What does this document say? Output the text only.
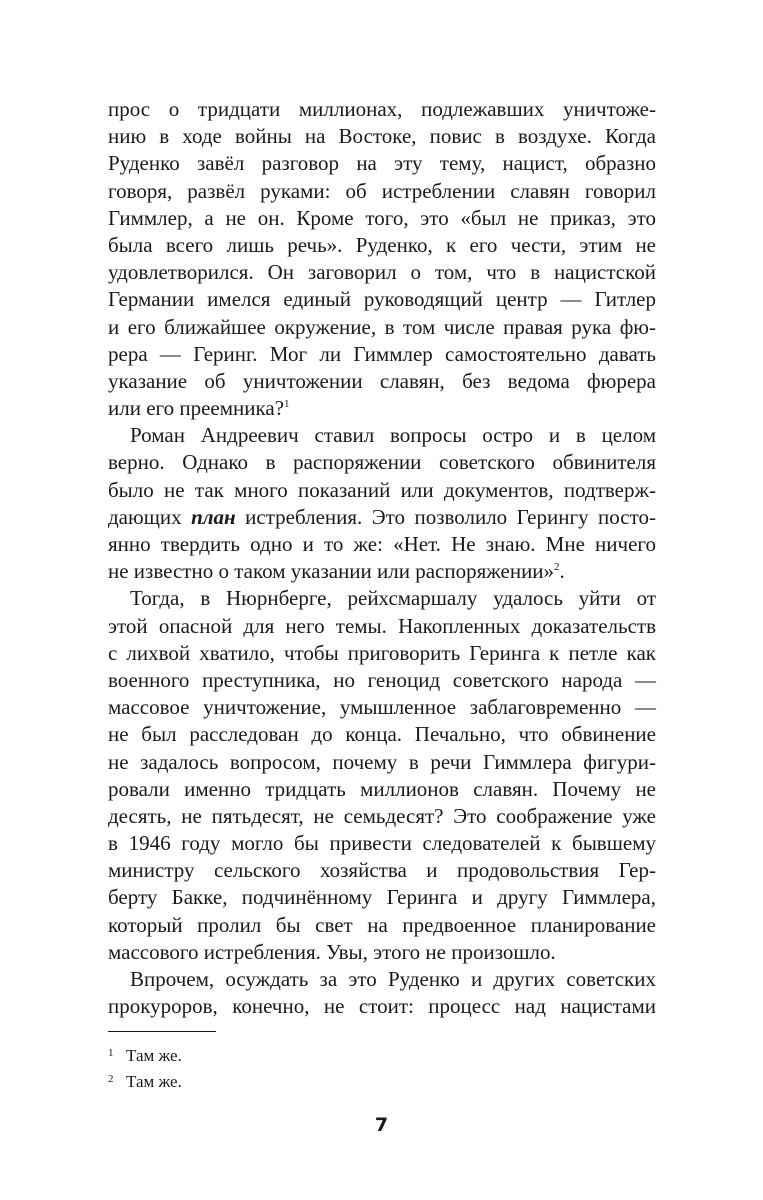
прос о тридцати миллионах, подлежавших уничтоже-
нию в ходе войны на Востоке, повис в воздухе. Когда
Руденко завёл разговор на эту тему, нацист, образно
говоря, развёл руками: об истреблении славян говорил
Гиммлер, а не он. Кроме того, это «был не приказ, это
была всего лишь речь». Руденко, к его чести, этим не
удовлетворился. Он заговорил о том, что в нацистской
Германии имелся единый руководящий центр — Гитлер
и его ближайшее окружение, в том числе правая рука фю-
рера — Геринг. Мог ли Гиммлер самостоятельно давать
указание об уничтожении славян, без ведома фюрера
или его преемника?$^1$
Роман Андреевич ставил вопросы остро и в целом
верно. Однако в распоряжении советского обвинителя
было не так много показаний или документов, подтверж-
дающих план истребления. Это позволило Герингу посто-
янно твердить одно и то же: «Нет. Не знаю. Мне ничего
не известно о таком указании или распоряжении»$^2$.
Тогда, в Нюрнберге, рейхсмаршалу удалось уйти от
этой опасной для него темы. Накопленных доказательств
с лихвой хватило, чтобы приговорить Геринга к петле как
военного преступника, но геноцид советского народа —
массовое уничтожение, умышленное заблаговременно —
не был расследован до конца. Печально, что обвинение
не задалось вопросом, почему в речи Гиммлера фигури-
ровали именно тридцать миллионов славян. Почему не
десять, не пятьдесят, не семьдесят? Это соображение уже
в 1946 году могло бы привести следователей к бывшему
министру сельского хозяйства и продовольствия Гер-
берту Бакке, подчинённому Геринга и другу Гиммлера,
который пролил бы свет на предвоенное планирование
массового истребления. Увы, этого не произошло.
Впрочем, осуждать за это Руденко и других советских
прокуроров, конечно, не стоит: процесс над нацистами
1 Там же.
2 Там же.
7
